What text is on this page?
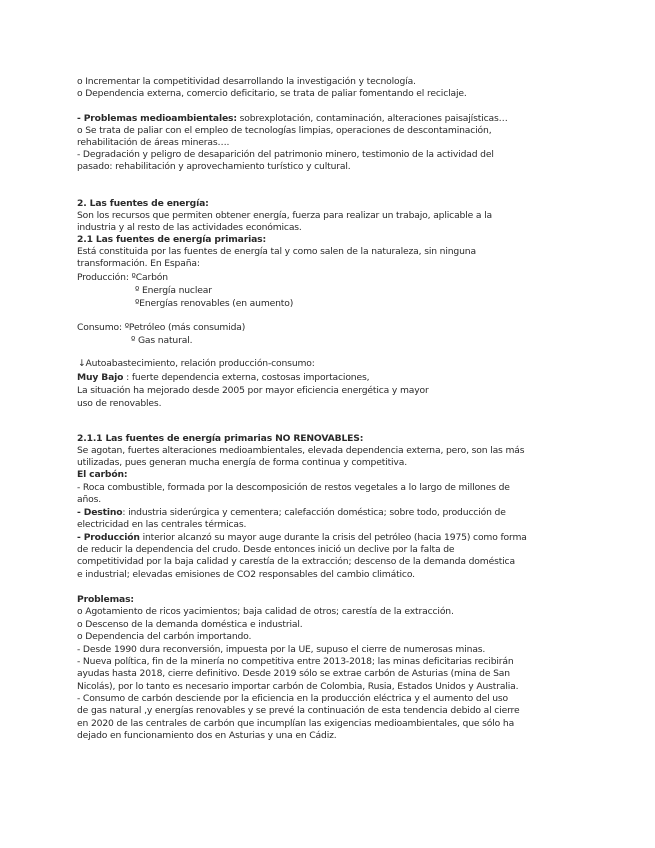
o Incrementar la competitividad desarrollando la investigación y tecnología.
o Dependencia externa, comercio deficitario, se trata de paliar fomentando el reciclaje.
- Problemas medioambientales: sobrexplotación, contaminación, alteraciones paisajísticas…
o Se trata de paliar con el empleo de tecnologías limpias, operaciones de descontaminación,
rehabilitación de áreas mineras….
- Degradación y peligro de desaparición del patrimonio minero, testimonio de la actividad del
pasado: rehabilitación y aprovechamiento turístico y cultural.
2. Las fuentes de energía:
Son los recursos que permiten obtener energía, fuerza para realizar un trabajo, aplicable a la
industria y al resto de las actividades económicas.
2.1 Las fuentes de energía primarias:
Está constituida por las fuentes de energía tal y como salen de la naturaleza, sin ninguna
transformación. En España:
Producción: ºCarbón
º Energía nuclear
ºEnergías renovables (en aumento)
Consumo: ºPetróleo (más consumida)
º Gas natural.
↓Autoabastecimiento, relación producción-consumo:
Muy Bajo : fuerte dependencia externa, costosas importaciones,
La situación ha mejorado desde 2005 por mayor eficiencia energética y mayor
uso de renovables.
2.1.1 Las fuentes de energía primarias NO RENOVABLES:
Se agotan, fuertes alteraciones medioambientales, elevada dependencia externa, pero, son las más
utilizadas, pues generan mucha energía de forma continua y competitiva.
El carbón:
- Roca combustible, formada por la descomposición de restos vegetales a lo largo de millones de
años.
- Destino: industria siderúrgica y cementera; calefacción doméstica; sobre todo, producción de
electricidad en las centrales térmicas.
- Producción interior alcanzó su mayor auge durante la crisis del petróleo (hacia 1975) como forma
de reducir la dependencia del crudo. Desde entonces inició un declive por la falta de
competitividad por la baja calidad y carestía de la extracción; descenso de la demanda doméstica
e industrial; elevadas emisiones de CO2 responsables del cambio climático.
Problemas:
o Agotamiento de ricos yacimientos; baja calidad de otros; carestía de la extracción.
o Descenso de la demanda doméstica e industrial.
o Dependencia del carbón importando.
- Desde 1990 dura reconversión, impuesta por la UE, supuso el cierre de numerosas minas.
- Nueva política, fin de la minería no competitiva entre 2013-2018; las minas deficitarias recibirán
ayudas hasta 2018, cierre definitivo. Desde 2019 sólo se extrae carbón de Asturias (mina de San
Nicolás), por lo tanto es necesario importar carbón de Colombia, Rusia, Estados Unidos y Australia.
- Consumo de carbón desciende por la eficiencia en la producción eléctrica y el aumento del uso
de gas natural ,y energías renovables y se prevé la continuación de esta tendencia debido al cierre
en 2020 de las centrales de carbón que incumplían las exigencias medioambientales, que sólo ha
dejado en funcionamiento dos en Asturias y una en Cádiz.
